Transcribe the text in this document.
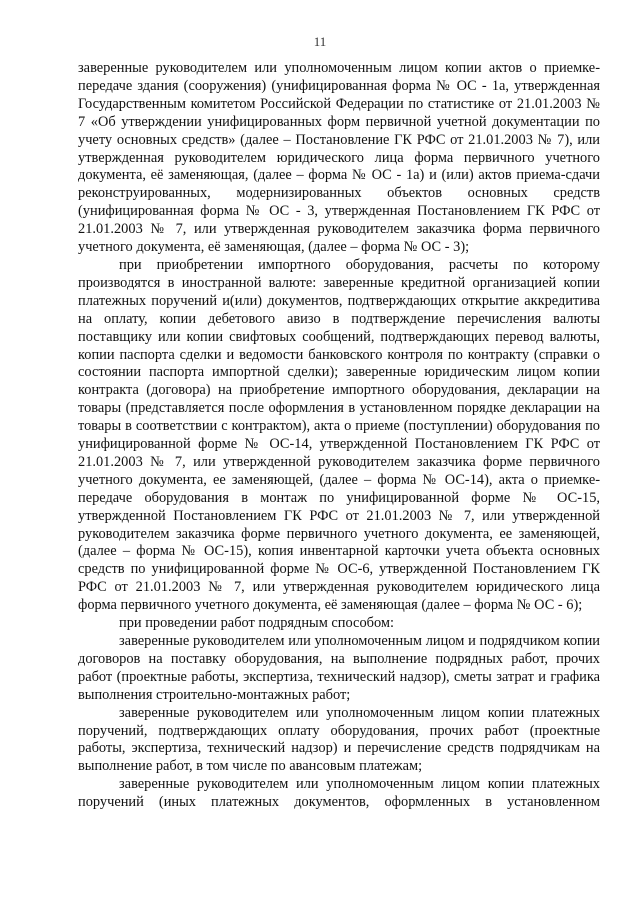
11

заверенные руководителем или уполномоченным лицом копии актов о приемке-передаче здания (сооружения) (унифицированная форма № ОС - 1а, утвержденная Государственным комитетом Российской Федерации по статистике от 21.01.2003 № 7 «Об утверждении унифицированных форм первичной учетной документации по учету основных средств» (далее – Постановление ГК РФС от 21.01.2003 № 7), или утвержденная руководителем юридического лица форма первичного учетного документа, её заменяющая, (далее – форма № ОС - 1а) и (или) актов приема-сдачи реконструированных, модернизированных объектов основных средств (унифицированная форма № ОС - 3, утвержденная Постановлением ГК РФС от 21.01.2003 № 7, или утвержденная руководителем заказчика форма первичного учетного документа, её заменяющая, (далее – форма № ОС - 3);

при приобретении импортного оборудования, расчеты по которому производятся в иностранной валюте: заверенные кредитной организацией копии платежных поручений и(или) документов, подтверждающих открытие аккредитива на оплату, копии дебетового авизо в подтверждение перечисления валюты поставщику или копии свифтовых сообщений, подтверждающих перевод валюты, копии паспорта сделки и ведомости банковского контроля по контракту (справки о состоянии паспорта импортной сделки); заверенные юридическим лицом копии контракта (договора) на приобретение импортного оборудования, декларации на товары (представляется после оформления в установленном порядке декларации на товары в соответствии с контрактом), акта о приеме (поступлении) оборудования по унифицированной форме № ОС-14, утвержденной Постановлением ГК РФС от 21.01.2003 № 7, или утвержденной руководителем заказчика форме первичного учетного документа, ее заменяющей, (далее – форма № ОС-14), акта о приемке-передаче оборудования в монтаж по унифицированной форме № ОС-15, утвержденной Постановлением ГК РФС от 21.01.2003 № 7, или утвержденной руководителем заказчика форме первичного учетного документа, ее заменяющей, (далее – форма № ОС-15), копия инвентарной карточки учета объекта основных средств по унифицированной форме № ОС-6, утвержденной Постановлением ГК РФС от 21.01.2003 № 7, или утвержденная руководителем юридического лица форма первичного учетного документа, её заменяющая (далее – форма № ОС - 6);

при проведении работ подрядным способом:

заверенные руководителем или уполномоченным лицом и подрядчиком копии договоров на поставку оборудования, на выполнение подрядных работ, прочих работ (проектные работы, экспертиза, технический надзор), сметы затрат и графика выполнения строительно-монтажных работ;

заверенные руководителем или уполномоченным лицом копии платежных поручений, подтверждающих оплату оборудования, прочих работ (проектные работы, экспертиза, технический надзор) и перечисление средств подрядчикам на выполнение работ, в том числе по авансовым платежам;

заверенные руководителем или уполномоченным лицом копии платежных поручений (иных платежных документов, оформленных в установленном
